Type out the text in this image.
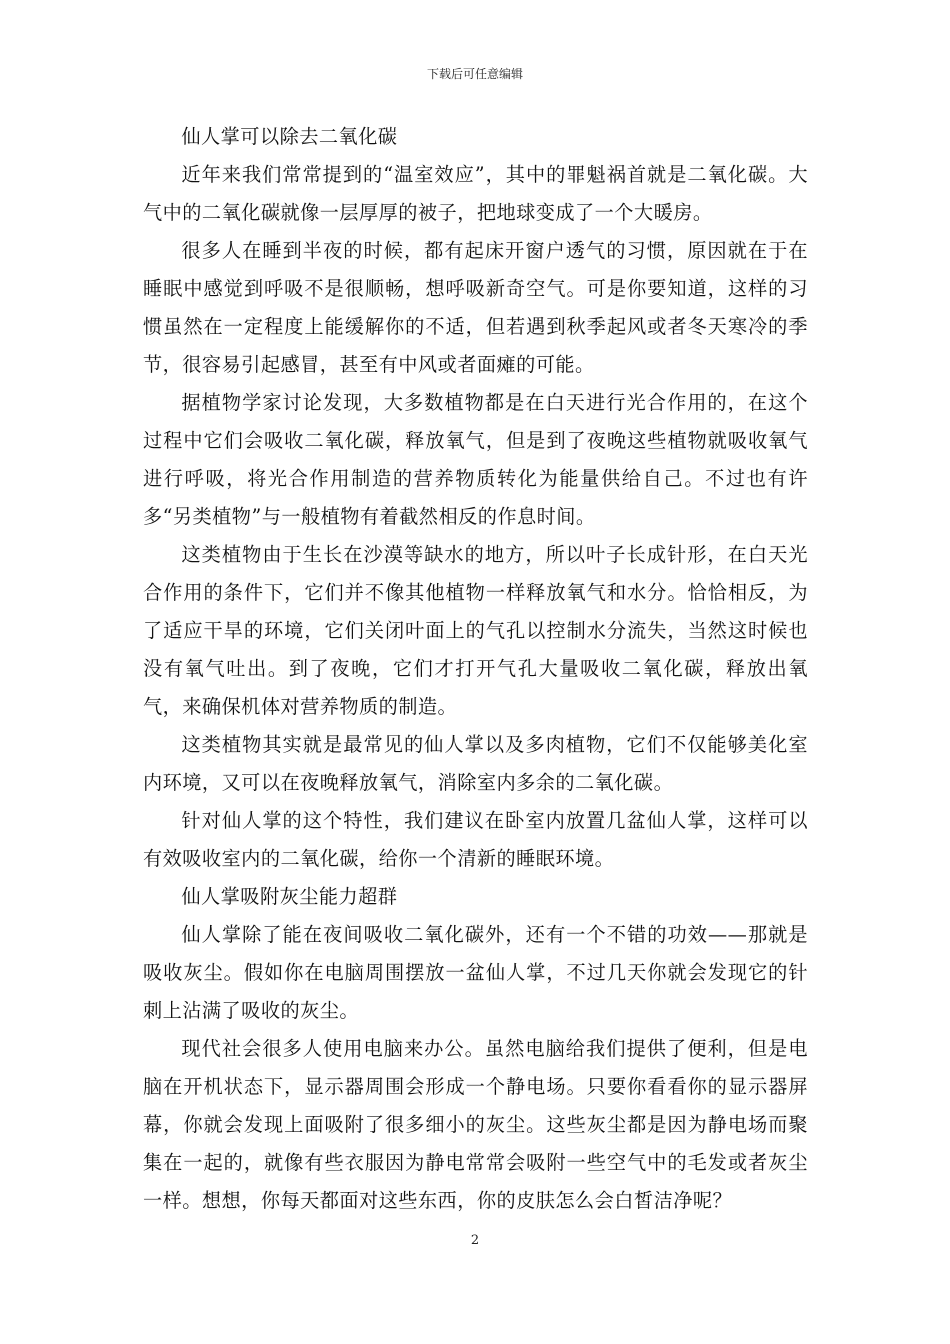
下载后可任意编辑

仙人掌可以除去二氧化碳

近年来我们常常提到的“温室效应”，其中的罪魁祸首就是二氧化碳。大气中的二氧化碳就像一层厚厚的被子，把地球变成了一个大暖房。

很多人在睡到半夜的时候，都有起床开窗户透气的习惯，原因就在于在睡眠中感觉到呼吸不是很顺畅，想呼吸新奇空气。可是你要知道，这样的习惯虽然在一定程度上能缓解你的不适，但若遇到秋季起风或者冬天寒冷的季节，很容易引起感冒，甚至有中风或者面瘫的可能。

据植物学家讨论发现，大多数植物都是在白天进行光合作用的，在这个过程中它们会吸收二氧化碳，释放氧气，但是到了夜晚这些植物就吸收氧气进行呼吸，将光合作用制造的营养物质转化为能量供给自己。不过也有许多“另类植物”与一般植物有着截然相反的作息时间。

这类植物由于生长在沙漠等缺水的地方，所以叶子长成针形，在白天光合作用的条件下，它们并不像其他植物一样释放氧气和水分。恰恰相反，为了适应干旱的环境，它们关闭叶面上的气孔以控制水分流失，当然这时候也没有氧气吐出。到了夜晚，它们才打开气孔大量吸收二氧化碳，释放出氧气，来确保机体对营养物质的制造。

这类植物其实就是最常见的仙人掌以及多肉植物，它们不仅能够美化室内环境，又可以在夜晚释放氧气，消除室内多余的二氧化碳。

针对仙人掌的这个特性，我们建议在卧室内放置几盆仙人掌，这样可以有效吸收室内的二氧化碳，给你一个清新的睡眠环境。

仙人掌吸附灰尘能力超群

仙人掌除了能在夜间吸收二氧化碳外，还有一个不错的功效——那就是吸收灰尘。假如你在电脑周围摆放一盆仙人掌，不过几天你就会发现它的针刺上沾满了吸收的灰尘。

现代社会很多人使用电脑来办公。虽然电脑给我们提供了便利，但是电脑在开机状态下，显示器周围会形成一个静电场。只要你看看你的显示器屏幕，你就会发现上面吸附了很多细小的灰尘。这些灰尘都是因为静电场而聚集在一起的，就像有些衣服因为静电常常会吸附一些空气中的毛发或者灰尘一样。想想，你每天都面对这些东西，你的皮肤怎么会白皙洁净呢？

2
